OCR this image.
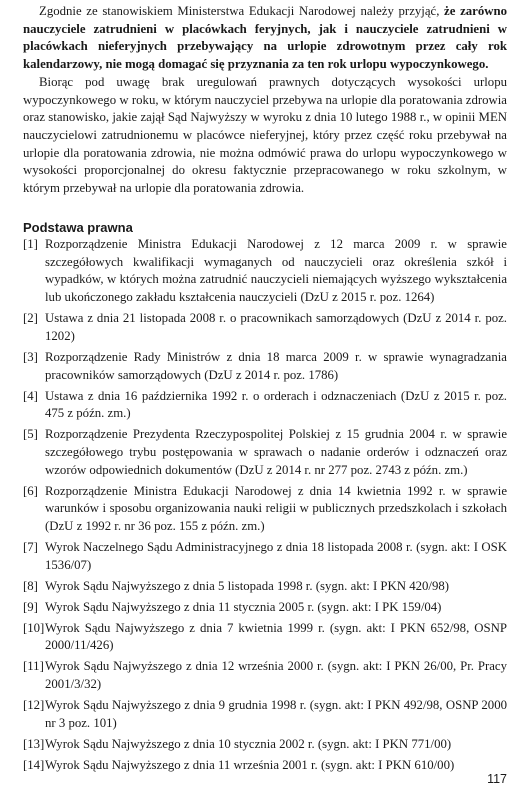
Zgodnie ze stanowiskiem Ministerstwa Edukacji Narodowej należy przyjąć, że zarówno nauczyciele zatrudnieni w placówkach feryjnych, jak i nauczyciele zatrudnieni w placówkach nieferyjnych przebywający na urlopie zdrowotnym przez cały rok kalendarzowy, nie mogą domagać się przyznania za ten rok urlopu wypoczynkowego.

Biorąc pod uwagę brak uregulowań prawnych dotyczących wysokości urlopu wypoczynkowego w roku, w którym nauczyciel przebywa na urlopie dla poratowania zdrowia oraz stanowisko, jakie zajął Sąd Najwyższy w wyroku z dnia 10 lutego 1988 r., w opinii MEN nauczycielowi zatrudnionemu w placówce nieferyjnej, który przez część roku przebywał na urlopie dla poratowania zdrowia, nie można odmówić prawa do urlopu wypoczynkowego w wysokości proporcjonalnej do okresu faktycznie przepracowanego w roku szkolnym, w którym przebywał na urlopie dla poratowania zdrowia.

Podstawa prawna
[1] Rozporządzenie Ministra Edukacji Narodowej z 12 marca 2009 r. w sprawie szczegółowych kwalifikacji wymaganych od nauczycieli oraz określenia szkół i wypadków, w których można zatrudnić nauczycieli niemających wyższego wykształcenia lub ukończonego zakładu kształcenia nauczycieli (DzU z 2015 r. poz. 1264)
[2] Ustawa z dnia 21 listopada 2008 r. o pracownikach samorządowych (DzU z 2014 r. poz. 1202)
[3] Rozporządzenie Rady Ministrów z dnia 18 marca 2009 r. w sprawie wynagradzania pracowników samorządowych (DzU z 2014 r. poz. 1786)
[4] Ustawa z dnia 16 października 1992 r. o orderach i odznaczeniach (DzU z 2015 r. poz. 475 z późn. zm.)
[5] Rozporządzenie Prezydenta Rzeczypospolitej Polskiej z 15 grudnia 2004 r. w sprawie szczegółowego trybu postępowania w sprawach o nadanie orderów i odznaczeń oraz wzorów odpowiednich dokumentów (DzU z 2014 r. nr 277 poz. 2743 z późn. zm.)
[6] Rozporządzenie Ministra Edukacji Narodowej z dnia 14 kwietnia 1992 r. w sprawie warunków i sposobu organizowania nauki religii w publicznych przedszkolach i szkołach (DzU z 1992 r. nr 36 poz. 155 z późn. zm.)
[7] Wyrok Naczelnego Sądu Administracyjnego z dnia 18 listopada 2008 r. (sygn. akt: I OSK 1536/07)
[8] Wyrok Sądu Najwyższego z dnia 5 listopada 1998 r. (sygn. akt: I PKN 420/98)
[9] Wyrok Sądu Najwyższego z dnia 11 stycznia 2005 r. (sygn. akt: I PK 159/04)
[10] Wyrok Sądu Najwyższego z dnia 7 kwietnia 1999 r. (sygn. akt: I PKN 652/98, OSNP 2000/11/426)
[11] Wyrok Sądu Najwyższego z dnia 12 września 2000 r. (sygn. akt: I PKN 26/00, Pr. Pracy 2001/3/32)
[12] Wyrok Sądu Najwyższego z dnia 9 grudnia 1998 r. (sygn. akt: I PKN 492/98, OSNP 2000 nr 3 poz. 101)
[13] Wyrok Sądu Najwyższego z dnia 10 stycznia 2002 r. (sygn. akt: I PKN 771/00)
[14] Wyrok Sądu Najwyższego z dnia 11 września 2001 r. (sygn. akt: I PKN 610/00)
117
